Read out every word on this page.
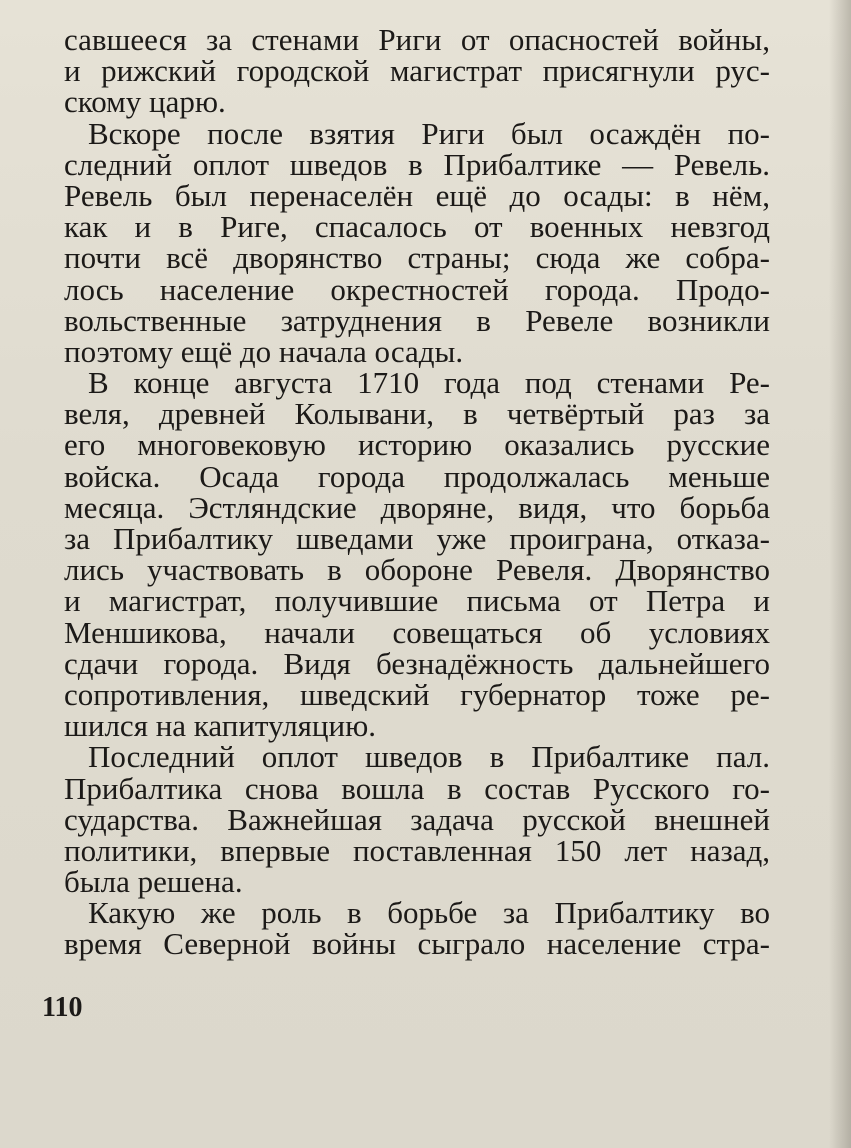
савшееся за стенами Риги от опасностей войны,
и рижский городской магистрат присягнули рус-
скому царю.
Вскоре после взятия Риги был осаждён по-
следний оплот шведов в Прибалтике — Ревель.
Ревель был перенаселён ещё до осады: в нём,
как и в Риге, спасалось от военных невзгод
почти всё дворянство страны; сюда же собра-
лось население окрестностей города. Продо-
вольственные затруднения в Ревеле возникли
поэтому ещё до начала осады.
В конце августа 1710 года под стенами Ре-
веля, древней Колывани, в четвёртый раз за
его многовековую историю оказались русские
войска. Осада города продолжалась меньше
месяца. Эстляндские дворяне, видя, что борьба
за Прибалтику шведами уже проиграна, отказа-
лись участвовать в обороне Ревеля. Дворянство
и магистрат, получившие письма от Петра и
Меншикова, начали совещаться об условиях
сдачи города. Видя безнадёжность дальнейшего
сопротивления, шведский губернатор тоже ре-
шился на капитуляцию.
Последний оплот шведов в Прибалтике пал.
Прибалтика снова вошла в состав Русского го-
сударства. Важнейшая задача русской внешней
политики, впервые поставленная 150 лет назад,
была решена.
Какую же роль в борьбе за Прибалтику во
время Северной войны сыграло население стра-
110
